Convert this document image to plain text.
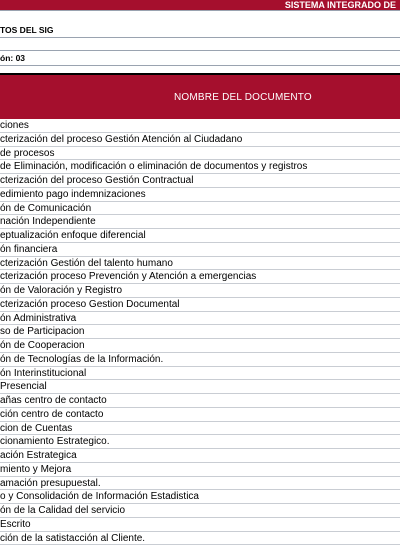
SISTEMA INTEGRADO DE
TOS DEL SIG
ón: 03
NOMBRE DEL DOCUMENTO
ciones
cterización del proceso Gestión Atención al Ciudadano
de procesos
de Eliminación, modificación o eliminación de documentos y registros
cterización del proceso Gestión Contractual
edimiento pago indemnizaciones
ón de Comunicación
nación Independiente
eptualización enfoque diferencial
ón financiera
cterización Gestión del talento humano
cterización proceso Prevención y Atención a emergencias
ón de Valoración y Registro
cterización proceso Gestion Documental
ón Administrativa
so de Participacion
ón de Cooperacion
ón de Tecnologías de la Información.
ón Interinstitucional
Presencial
añas centro de contacto
ción centro de contacto
cion de Cuentas
cionamiento Estrategico.
ación Estrategica
miento y Mejora
amación presupuestal.
o y Consolidación de Información Estadistica
ón de la Calidad del servicio
Escrito
ción de la satistacción al Cliente.
